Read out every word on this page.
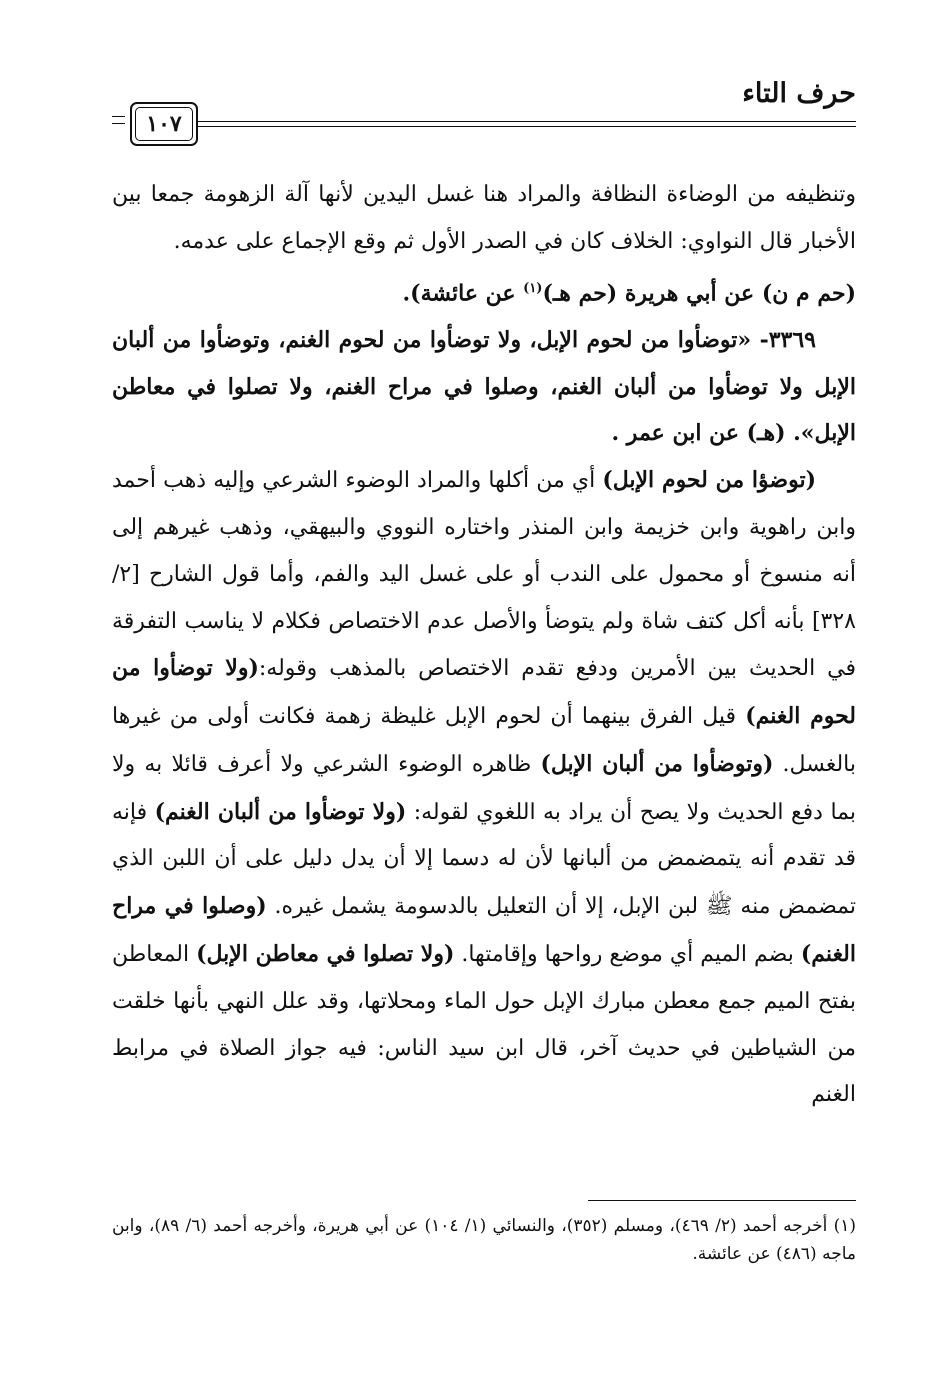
حرف التاء
١٠٧

وتنظيفه من الوضاءة النظافة والمراد هنا غسل اليدين لأنها آلة الزهومة جمعا بين الأخبار قال النواوي: الخلاف كان في الصدر الأول ثم وقع الإجماع على عدمه.

(حم م ن) عن أبي هريرة (حم هـ)$^{(١)}$ عن عائشة).

٣٣٦٩- «توضأوا من لحوم الإبل، ولا توضأوا من لحوم الغنم، وتوضأوا من ألبان الإبل ولا توضأوا من ألبان الغنم، وصلوا في مراح الغنم، ولا تصلوا في معاطن الإبل». (هـ) عن ابن عمر .

(توضؤا من لحوم الإبل) أي من أكلها والمراد الوضوء الشرعي وإليه ذهب أحمد وابن راهوية وابن خزيمة وابن المنذر واختاره النووي والبيهقي، وذهب غيرهم إلى أنه منسوخ أو محمول على الندب أو على غسل اليد والفم، وأما قول الشارح [٢/ ٣٢٨] بأنه أكل كتف شاة ولم يتوضأ والأصل عدم الاختصاص فكلام لا يناسب التفرقة في الحديث بين الأمرين ودفع تقدم الاختصاص بالمذهب وقوله:(ولا توضأوا من لحوم الغنم) قيل الفرق بينهما أن لحوم الإبل غليظة زهمة فكانت أولى من غيرها بالغسل. (وتوضأوا من ألبان الإبل) ظاهره الوضوء الشرعي ولا أعرف قائلا به ولا بما دفع الحديث ولا يصح أن يراد به اللغوي لقوله: (ولا توضأوا من ألبان الغنم) فإنه قد تقدم أنه يتمضمض من ألبانها لأن له دسما إلا أن يدل دليل على أن اللبن الذي تمضمض منه ﷺ لبن الإبل، إلا أن التعليل بالدسومة يشمل غيره. (وصلوا في مراح الغنم) بضم الميم أي موضع رواحها وإقامتها. (ولا تصلوا في معاطن الإبل) المعاطن بفتح الميم جمع معطن مبارك الإبل حول الماء ومحلاتها، وقد علل النهي بأنها خلقت من الشياطين في حديث آخر، قال ابن سيد الناس: فيه جواز الصلاة في مرابط الغنم

(١) أخرجه أحمد (٢/ ٤٦٩)، ومسلم (٣٥٢)، والنسائي (١/ ١٠٤) عن أبي هريرة، وأخرجه أحمد (٦/ ٨٩)، وابن ماجه (٤٨٦) عن عائشة.
